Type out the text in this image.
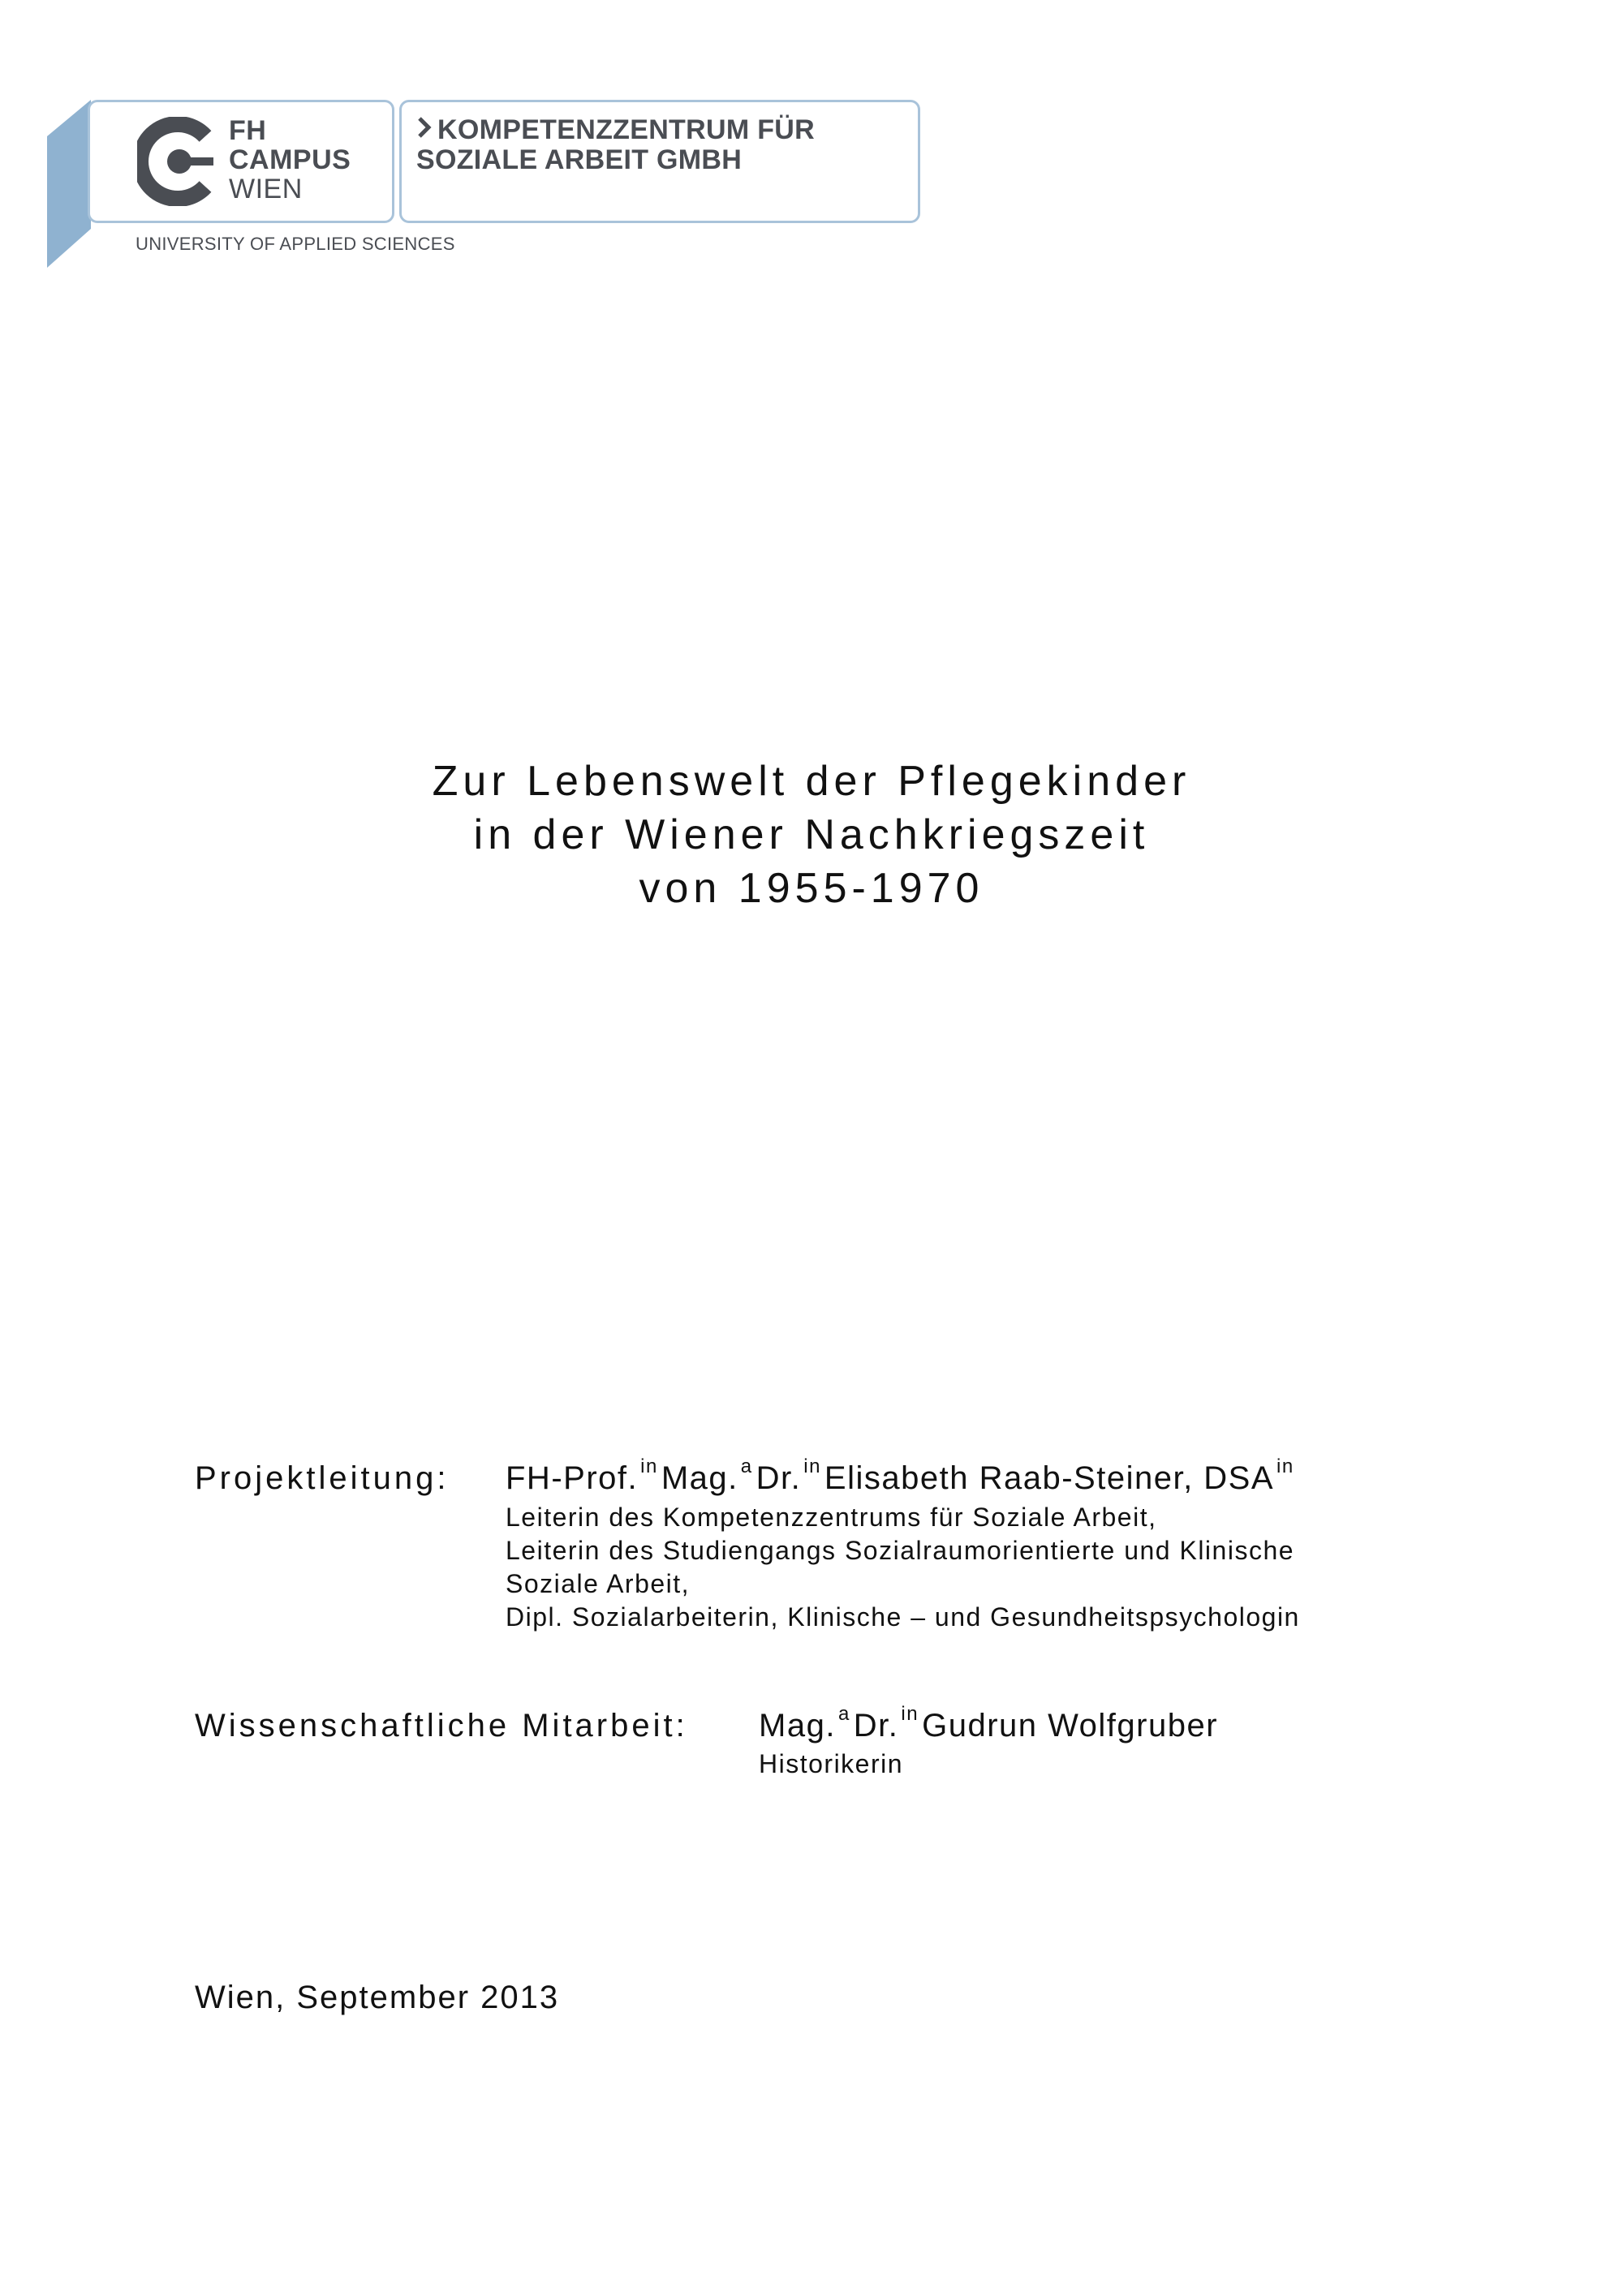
FH
CAMPUS
WIEN
KOMPETENZZENTRUM FÜR
SOZIALE ARBEIT GMBH
UNIVERSITY OF APPLIED SCIENCES
Zur Lebenswelt der Pflegekinder
in der Wiener Nachkriegszeit
von 1955-1970
Projektleitung: FH-Prof. $^{in}$ Mag. $^a$ Dr. $^{in}$ Elisabeth Raab-Steiner, DSA $^{in}$
Leiterin des Kompetenzzentrums für Soziale Arbeit,
Leiterin des Studiengangs Sozialraumorientierte und Klinische
Soziale Arbeit,
Dipl. Sozialarbeiterin, Klinische – und Gesundheitspsychologin
Wissenschaftliche Mitarbeit: Mag. $^a$ Dr. $^{in}$ Gudrun Wolfgruber
Historikerin
Wien, September 2013
